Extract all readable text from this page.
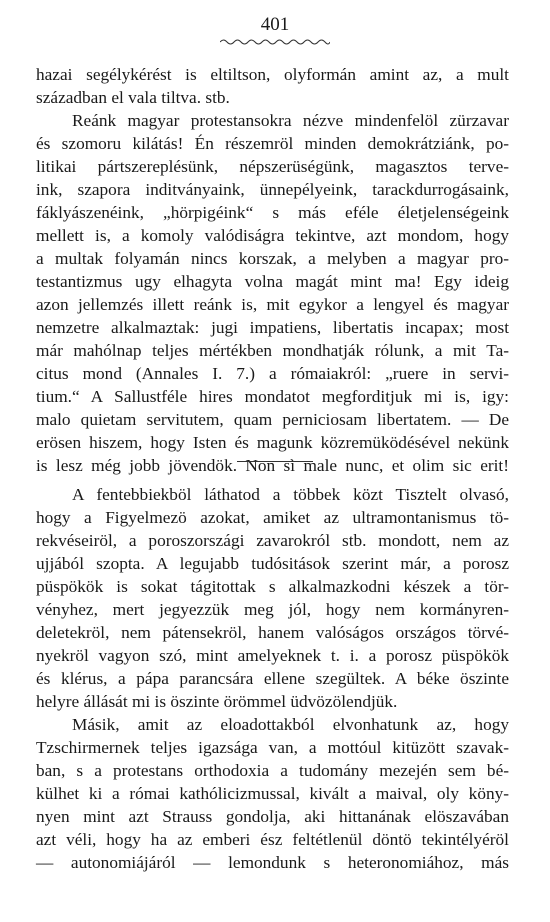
401
hazai segélykérést is eltiltson, olyformán amint az, a mult
században el vala tiltva. stb.
Reánk magyar protestansokra nézve mindenfelöl zürzavar
és szomoru kilátás! Én részemröl minden demokrátziánk, po-
litikai pártszereplésünk, népszerüségünk, magasztos terve-
ink, szapora inditványaink, ünnepélyeink, tarackdurrogásaink,
fáklyászenéink, „hörpigéink“ s más eféle életjelenségeink
mellett is, a komoly valódiságra tekintve, azt mondom, hogy
a multak folyamán nincs korszak, a melyben a magyar pro-
testantizmus ugy elhagyta volna magát mint ma! Egy ideig
azon jellemzés illett reánk is, mit egykor a lengyel és magyar
nemzetre alkalmaztak: jugi impatiens, libertatis incapax; most
már mahólnap teljes mértékben mondhatják rólunk, a mit Ta-
citus mond (Annales I. 7.) a rómaiakról: „ruere in servi-
tium.“ A Sallustféle hires mondatot megforditjuk mi is, igy:
malo quietam servitutem, quam perniciosam libertatem. — De
erösen hiszem, hogy Isten és magunk közremüködésével nekünk
is lesz még jobb jövendök. Non sì male nunc, et olim sic erit!
A fentebbiekböl láthatod a többek közt Tisztelt olvasó,
hogy a Figyelmezö azokat, amiket az ultramontanismus tö-
rekvéseiröl, a poroszországi zavarokról stb. mondott, nem az
ujjából szopta. A legujabb tudósitások szerint már, a porosz
püspökök is sokat tágitottak s alkalmazkodni készek a tör-
vényhez, mert jegyezzük meg jól, hogy nem kormányren-
deletekröl, nem pátensekröl, hanem valóságos országos törvé-
nyekröl vagyon szó, mint amelyeknek t. i. a porosz püspökök
és klérus, a pápa parancsára ellene szegültek. A béke öszinte
helyre állását mi is öszinte örömmel üdvözölendjük.
Másik, amit az eloadottakból elvonhatunk az, hogy
Tzschirmernek teljes igazsága van, a mottóul kitüzött szavak-
ban, s a protestans orthodoxia a tudomány mezején sem bé-
külhet ki a római kathólicizmussal, kivált a maival, oly köny-
nyen mint azt Strauss gondolja, aki hittanának elöszavában
azt véli, hogy ha az emberi ész feltétlenül döntö tekintélyéröl
— autonomiájáról — lemondunk s heteronomiához, más
